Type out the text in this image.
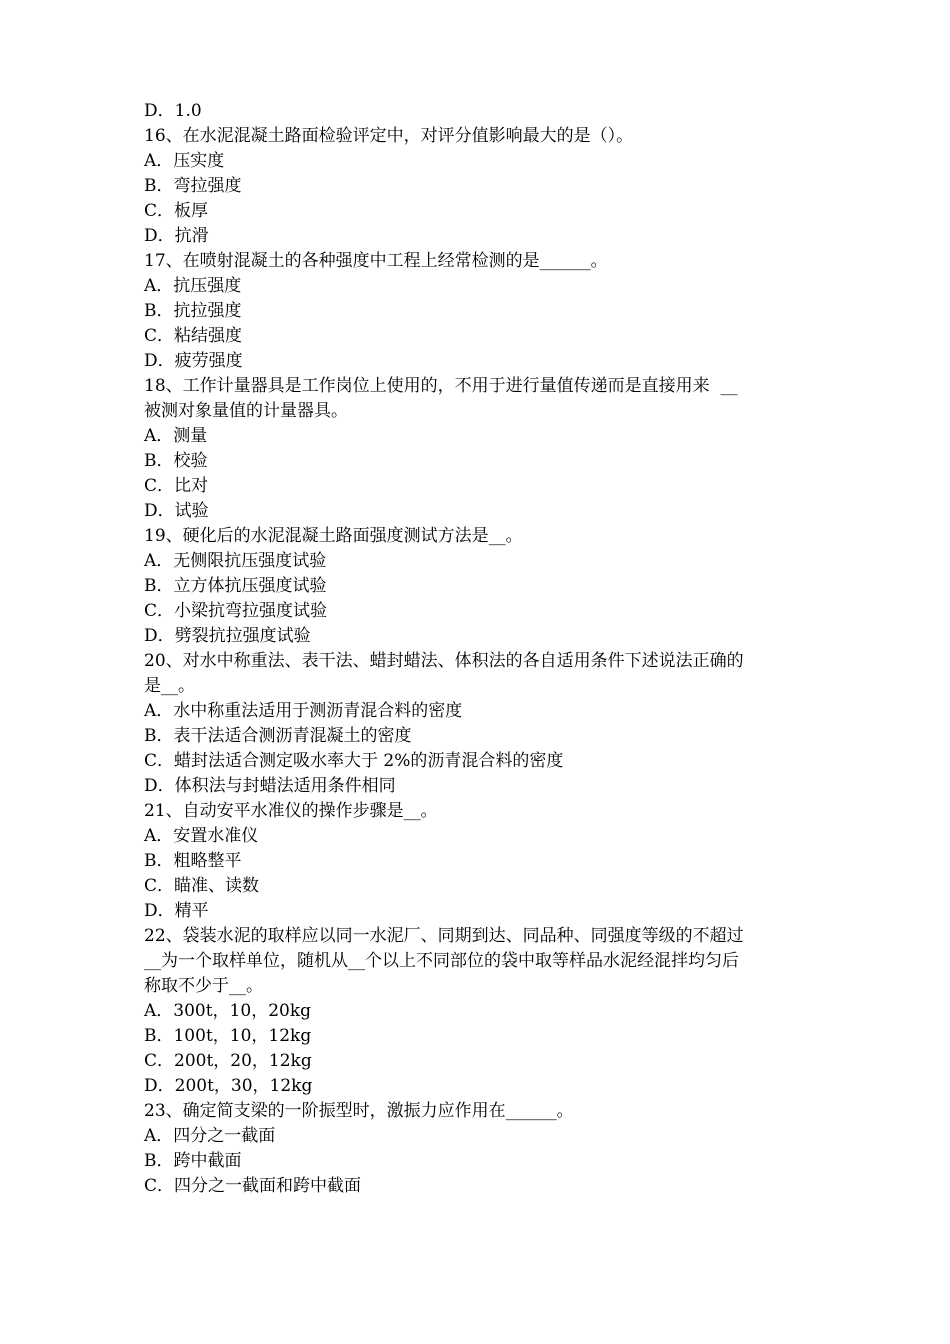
D．1.0
16、在水泥混凝土路面检验评定中，对评分值影响最大的是（）。
A．压实度
B．弯拉强度
C．板厚
D．抗滑
17、在喷射混凝土的各种强度中工程上经常检测的是______。
A．抗压强度
B．抗拉强度
C．粘结强度
D．疲劳强度
18、工作计量器具是工作岗位上使用的，不用于进行量值传递而是直接用来  __
被测对象量值的计量器具。
A．测量
B．校验
C．比对
D．试验
19、硬化后的水泥混凝土路面强度测试方法是__。
A．无侧限抗压强度试验
B．立方体抗压强度试验
C．小梁抗弯拉强度试验
D．劈裂抗拉强度试验
20、对水中称重法、表干法、蜡封蜡法、体积法的各自适用条件下述说法正确的
是__。
A．水中称重法适用于测沥青混合料的密度
B．表干法适合测沥青混凝土的密度
C．蜡封法适合测定吸水率大于 2%的沥青混合料的密度
D．体积法与封蜡法适用条件相同
21、自动安平水准仪的操作步骤是__。
A．安置水准仪
B．粗略整平
C．瞄准、读数
D．精平
22、袋装水泥的取样应以同一水泥厂、同期到达、同品种、同强度等级的不超过
__为一个取样单位，随机从__个以上不同部位的袋中取等样品水泥经混拌均匀后
称取不少于__。
A．300t，10，20kg
B．100t，10，12kg
C．200t，20，12kg
D．200t，30，12kg
23、确定简支梁的一阶振型时，激振力应作用在______。
A．四分之一截面
B．跨中截面
C．四分之一截面和跨中截面
